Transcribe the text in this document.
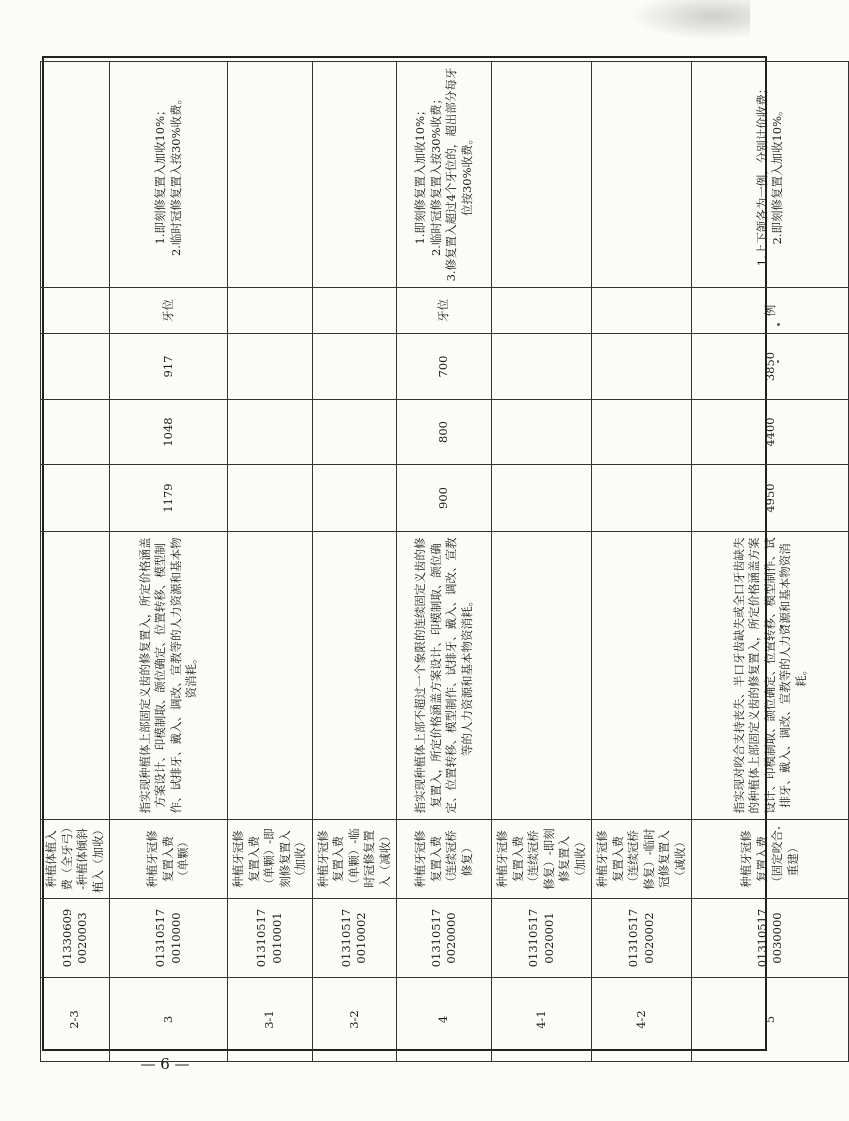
2-3	01330609 0020003	种植体植入费（全牙弓）-种植体倾斜植入（加收）						
3	01310517 0010000	种植牙冠修复置入费（单颗）	指实现种植体上部固定义齿的修复置入，所定价格涵盖方案设计、印模制取、颌位确定、位置转移、模型制作、试排牙、戴入、调改、宣教等的人力资源和基本物资消耗。	1179	1048	917	牙位	1.即刻修复置入加收10%； 2.临时冠修复置入按30%收费。
3-1	01310517 0010001	种植牙冠修复置入费（单颗）-即刻修复置入（加收）						
3-2	01310517 0010002	种植牙冠修复置入费（单颗）-临时冠修复置入（减收）						
4	01310517 0020000	种植牙冠修复置入费（连续冠桥修复）	指实现种植体上部不超过一个象限的连续固定义齿的修复置入，所定价格涵盖方案设计、印模制取、颌位确定、位置转移、模型制作、试排牙、戴入、调改、宣教等的人力资源和基本物资消耗。	900	800	700	牙位	1.即刻修复置入加收10%； 2.临时冠修复置入按30%收费； 3.修复置入超过4个牙位的，超出部分每牙位按30%收费。
4-1	01310517 0020001	种植牙冠修复置入费（连续冠桥修复）-即刻修复置入（加收）						
4-2	01310517 0020002	种植牙冠修复置入费（连续冠桥修复）-临时冠修复置入（减收）						
5	01310517 0030000	种植牙冠修复置入费（固定咬合重建）	指实现对咬合支持丧失、半口牙齿缺失或全口牙齿缺失的种植体上部固定义齿的修复置入，所定价格涵盖方案设计、印模制取、颌位确定、位置转移、模型制作、试排牙、戴入、调改、宣教等的人力资源和基本物资消耗。	4950	4400	3850	例	1.上下颌各为一例，分别计价收费； 2.即刻修复置入加收10%。
— 6 —
